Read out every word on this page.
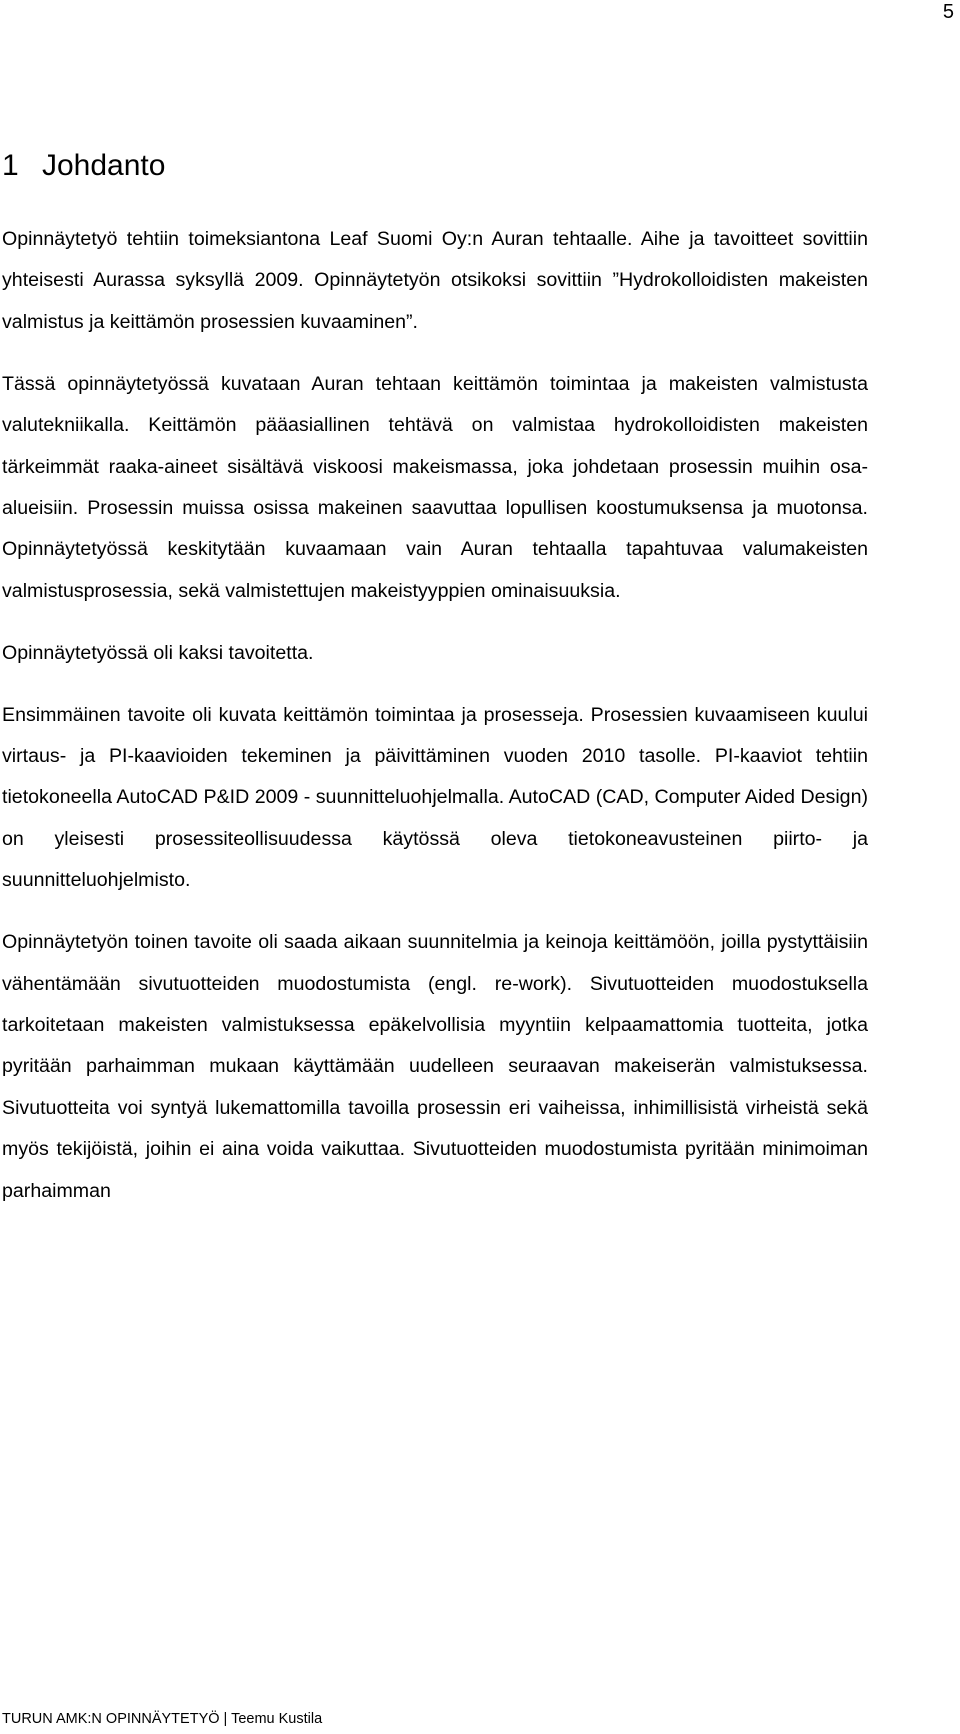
5
1 Johdanto

Opinnäytetyö tehtiin toimeksiantona Leaf Suomi Oy:n Auran tehtaalle. Aihe ja tavoitteet sovittiin yhteisesti Aurassa syksyllä 2009. Opinnäytetyön otsikoksi sovittiin ”Hydrokolloidisten makeisten valmistus ja keittämön prosessien kuvaaminen”.

Tässä opinnäytetyössä kuvataan Auran tehtaan keittämön toimintaa ja makeisten valmistusta valutekniikalla. Keittämön pääasiallinen tehtävä on valmistaa hydrokolloidisten makeisten tärkeimmät raaka-aineet sisältävä viskoosi makeismassa, joka johdetaan prosessin muihin osa-alueisiin. Prosessin muissa osissa makeinen saavuttaa lopullisen koostumuksensa ja muotonsa. Opinnäytetyössä keskitytään kuvaamaan vain Auran tehtaalla tapahtuvaa valumakeisten valmistusprosessia, sekä valmistettujen makeistyyppien ominaisuuksia.

Opinnäytetyössä oli kaksi tavoitetta.

Ensimmäinen tavoite oli kuvata keittämön toimintaa ja prosesseja. Prosessien kuvaamiseen kuului virtaus- ja PI-kaavioiden tekeminen ja päivittäminen vuoden 2010 tasolle. PI-kaaviot tehtiin tietokoneella AutoCAD P&ID 2009 - suunnitteluohjelmalla. AutoCAD (CAD, Computer Aided Design) on yleisesti prosessiteollisuudessa käytössä oleva tietokoneavusteinen piirto- ja suunnitteluohjelmisto.

Opinnäytetyön toinen tavoite oli saada aikaan suunnitelmia ja keinoja keittämöön, joilla pystyttäisiin vähentämään sivutuotteiden muodostumista (engl. re-work). Sivutuotteiden muodostuksella tarkoitetaan makeisten valmistuksessa epäkelvollisia myyntiin kelpaamattomia tuotteita, jotka pyritään parhaimman mukaan käyttämään uudelleen seuraavan makeiserän valmistuksessa. Sivutuotteita voi syntyä lukemattomilla tavoilla prosessin eri vaiheissa, inhimillisistä virheistä sekä myös tekijöistä, joihin ei aina voida vaikuttaa. Sivutuotteiden muodostumista pyritään minimoiman parhaimman

TURUN AMK:N OPINNÄYTETYÖ | Teemu Kustila
